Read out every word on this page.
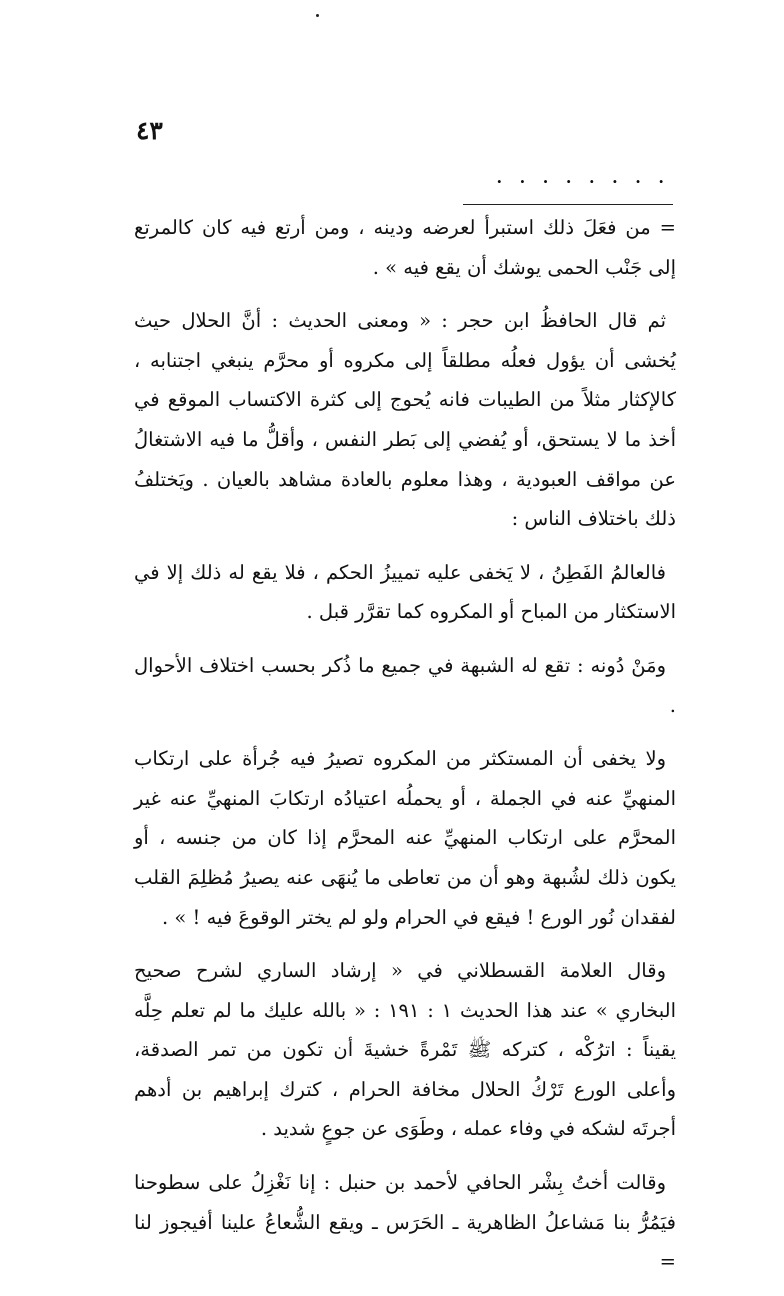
٤٣
. . . . . . . .

= من فعَلَ ذلك استبرأ لعرضه ودينه ، ومن أرتع فيه كان كالمرتع إلى جَنْب الحمى يوشك أن يقع فيه » .

ثم قال الحافظُ ابن حجر : « ومعنى الحديث : أنَّ الحلال حيث يُخشى أن يؤول فعلُه مطلقاً إلى مكروه أو محرَّم ينبغي اجتنابه ، كالإكثار مثلاً من الطيبات فانه يُحوج إلى كثرة الاكتساب الموقع في أخذ ما لا يستحق، أو يُفضي إلى بَطر النفس ، وأقلُّ ما فيه الاشتغالُ عن مواقف العبودية ، وهذا معلوم بالعادة مشاهد بالعيان . ويَختلفُ ذلك باختلاف الناس :

فالعالمُ الفَطِنُ ، لا يَخفى عليه تمييزُ الحكم ، فلا يقع له ذلك إلا في الاستكثار من المباح أو المكروه كما تقرَّر قبل .

ومَنْ دُونه : تقع له الشبهة في جميع ما ذُكر بحسب اختلاف الأحوال .

ولا يخفى أن المستكثر من المكروه تصيرُ فيه جُرأة على ارتكاب المنهيِّ عنه في الجملة ، أو يحملُه اعتيادُه ارتكابَ المنهيِّ عنه غير المحرَّم على ارتكاب المنهيِّ عنه المحرَّم إذا كان من جنسه ، أو يكون ذلك لشُبهة وهو أن من تعاطى ما يُنهَى عنه يصيرُ مُظلِمَ القلب لفقدان نُور الورع ! فيقع في الحرام ولو لم يختر الوقوعَ فيه ! » .

وقال العلامة القسطلاني في « إرشاد الساري لشرح صحيح البخاري » عند هذا الحديث ١ : ١٩١ : « بالله عليك ما لم تعلم حِلَّه يقيناً : اترُكْه ، كتركه ﷺ تَمْرةً خشيةَ أن تكون من تمر الصدقة، وأعلى الورع تَرْكُ الحلال مخافة الحرام ، كترك إبراهيم بن أدهم أجرتَه لشكه في وفاء عمله ، وطَوَى عن جوعٍ شديد .

وقالت أختُ بِشْر الحافي لأحمد بن حنبل : إنا نَغْزِلُ على سطوحنا فيَمُرُّ بنا مَشاعلُ الظاهرية ـ الحَرَس ـ ويقع الشُّعاعُ علينا أفيجوز لنا =
